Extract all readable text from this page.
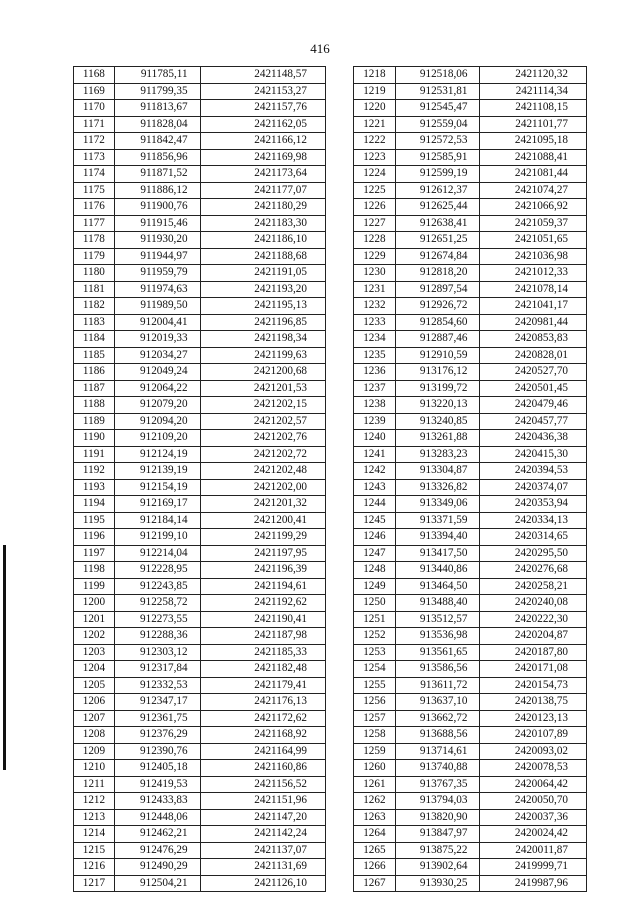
416
1168	911785,11	2421148,57
1169	911799,35	2421153,27
1170	911813,67	2421157,76
1171	911828,04	2421162,05
1172	911842,47	2421166,12
1173	911856,96	2421169,98
1174	911871,52	2421173,64
1175	911886,12	2421177,07
1176	911900,76	2421180,29
1177	911915,46	2421183,30
1178	911930,20	2421186,10
1179	911944,97	2421188,68
1180	911959,79	2421191,05
1181	911974,63	2421193,20
1182	911989,50	2421195,13
1183	912004,41	2421196,85
1184	912019,33	2421198,34
1185	912034,27	2421199,63
1186	912049,24	2421200,68
1187	912064,22	2421201,53
1188	912079,20	2421202,15
1189	912094,20	2421202,57
1190	912109,20	2421202,76
1191	912124,19	2421202,72
1192	912139,19	2421202,48
1193	912154,19	2421202,00
1194	912169,17	2421201,32
1195	912184,14	2421200,41
1196	912199,10	2421199,29
1197	912214,04	2421197,95
1198	912228,95	2421196,39
1199	912243,85	2421194,61
1200	912258,72	2421192,62
1201	912273,55	2421190,41
1202	912288,36	2421187,98
1203	912303,12	2421185,33
1204	912317,84	2421182,48
1205	912332,53	2421179,41
1206	912347,17	2421176,13
1207	912361,75	2421172,62
1208	912376,29	2421168,92
1209	912390,76	2421164,99
1210	912405,18	2421160,86
1211	912419,53	2421156,52
1212	912433,83	2421151,96
1213	912448,06	2421147,20
1214	912462,21	2421142,24
1215	912476,29	2421137,07
1216	912490,29	2421131,69
1217	912504,21	2421126,10
1218	912518,06	2421120,32
1219	912531,81	2421114,34
1220	912545,47	2421108,15
1221	912559,04	2421101,77
1222	912572,53	2421095,18
1223	912585,91	2421088,41
1224	912599,19	2421081,44
1225	912612,37	2421074,27
1226	912625,44	2421066,92
1227	912638,41	2421059,37
1228	912651,25	2421051,65
1229	912674,84	2421036,98
1230	912818,20	2421012,33
1231	912897,54	2421078,14
1232	912926,72	2421041,17
1233	912854,60	2420981,44
1234	912887,46	2420853,83
1235	912910,59	2420828,01
1236	913176,12	2420527,70
1237	913199,72	2420501,45
1238	913220,13	2420479,46
1239	913240,85	2420457,77
1240	913261,88	2420436,38
1241	913283,23	2420415,30
1242	913304,87	2420394,53
1243	913326,82	2420374,07
1244	913349,06	2420353,94
1245	913371,59	2420334,13
1246	913394,40	2420314,65
1247	913417,50	2420295,50
1248	913440,86	2420276,68
1249	913464,50	2420258,21
1250	913488,40	2420240,08
1251	913512,57	2420222,30
1252	913536,98	2420204,87
1253	913561,65	2420187,80
1254	913586,56	2420171,08
1255	913611,72	2420154,73
1256	913637,10	2420138,75
1257	913662,72	2420123,13
1258	913688,56	2420107,89
1259	913714,61	2420093,02
1260	913740,88	2420078,53
1261	913767,35	2420064,42
1262	913794,03	2420050,70
1263	913820,90	2420037,36
1264	913847,97	2420024,42
1265	913875,22	2420011,87
1266	913902,64	2419999,71
1267	913930,25	2419987,96
